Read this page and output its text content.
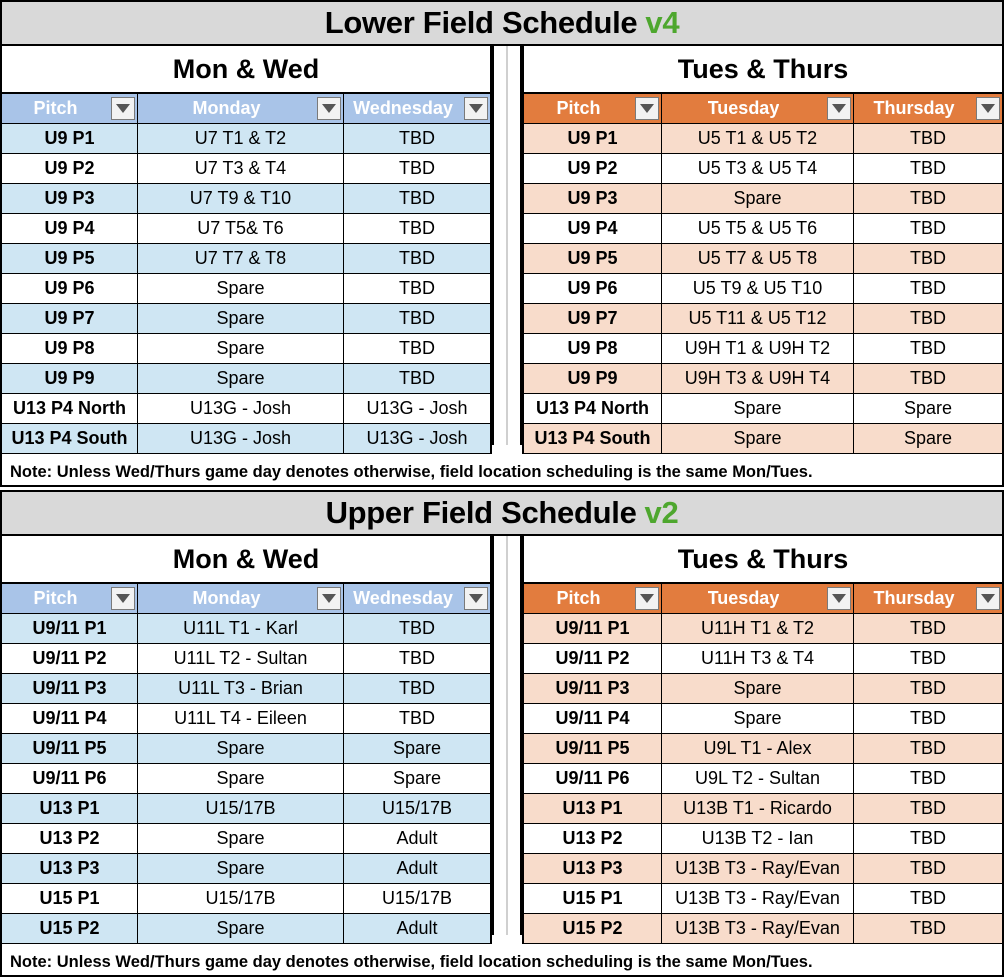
Lower Field Schedule v4
Mon & Wed
Pitch	Monday	Wednesday
U9 P1	U7 T1 & T2	TBD
U9 P2	U7 T3 & T4	TBD
U9 P3	U7 T9 & T10	TBD
U9 P4	U7 T5& T6	TBD
U9 P5	U7 T7 & T8	TBD
U9 P6	Spare	TBD
U9 P7	Spare	TBD
U9 P8	Spare	TBD
U9 P9	Spare	TBD
U13 P4 North	U13G - Josh	U13G - Josh
U13 P4 South	U13G - Josh	U13G - Josh
Tues & Thurs
Pitch	Tuesday	Thursday
U9 P1	U5 T1 & U5 T2	TBD
U9 P2	U5 T3 & U5 T4	TBD
U9 P3	Spare	TBD
U9 P4	U5 T5 & U5 T6	TBD
U9 P5	U5 T7 & U5 T8	TBD
U9 P6	U5 T9 & U5 T10	TBD
U9 P7	U5 T11 & U5 T12	TBD
U9 P8	U9H T1 & U9H T2	TBD
U9 P9	U9H T3 & U9H T4	TBD
U13 P4 North	Spare	Spare
U13 P4 South	Spare	Spare
Note: Unless Wed/Thurs game day denotes otherwise, field location scheduling is the same Mon/Tues.
Upper Field Schedule v2
Mon & Wed
Pitch	Monday	Wednesday
U9/11 P1	U11L T1 - Karl	TBD
U9/11 P2	U11L T2 - Sultan	TBD
U9/11 P3	U11L T3 - Brian	TBD
U9/11 P4	U11L T4 - Eileen	TBD
U9/11 P5	Spare	Spare
U9/11 P6	Spare	Spare
U13 P1	U15/17B	U15/17B
U13 P2	Spare	Adult
U13 P3	Spare	Adult
U15 P1	U15/17B	U15/17B
U15 P2	Spare	Adult
Tues & Thurs
Pitch	Tuesday	Thursday
U9/11 P1	U11H T1 & T2	TBD
U9/11 P2	U11H T3 & T4	TBD
U9/11 P3	Spare	TBD
U9/11 P4	Spare	TBD
U9/11 P5	U9L T1 - Alex	TBD
U9/11 P6	U9L T2 - Sultan	TBD
U13 P1	U13B T1 - Ricardo	TBD
U13 P2	U13B T2 - Ian	TBD
U13 P3	U13B T3 - Ray/Evan	TBD
U15 P1	U13B T3 - Ray/Evan	TBD
U15 P2	U13B T3 - Ray/Evan	TBD
Note: Unless Wed/Thurs game day denotes otherwise, field location scheduling is the same Mon/Tues.
